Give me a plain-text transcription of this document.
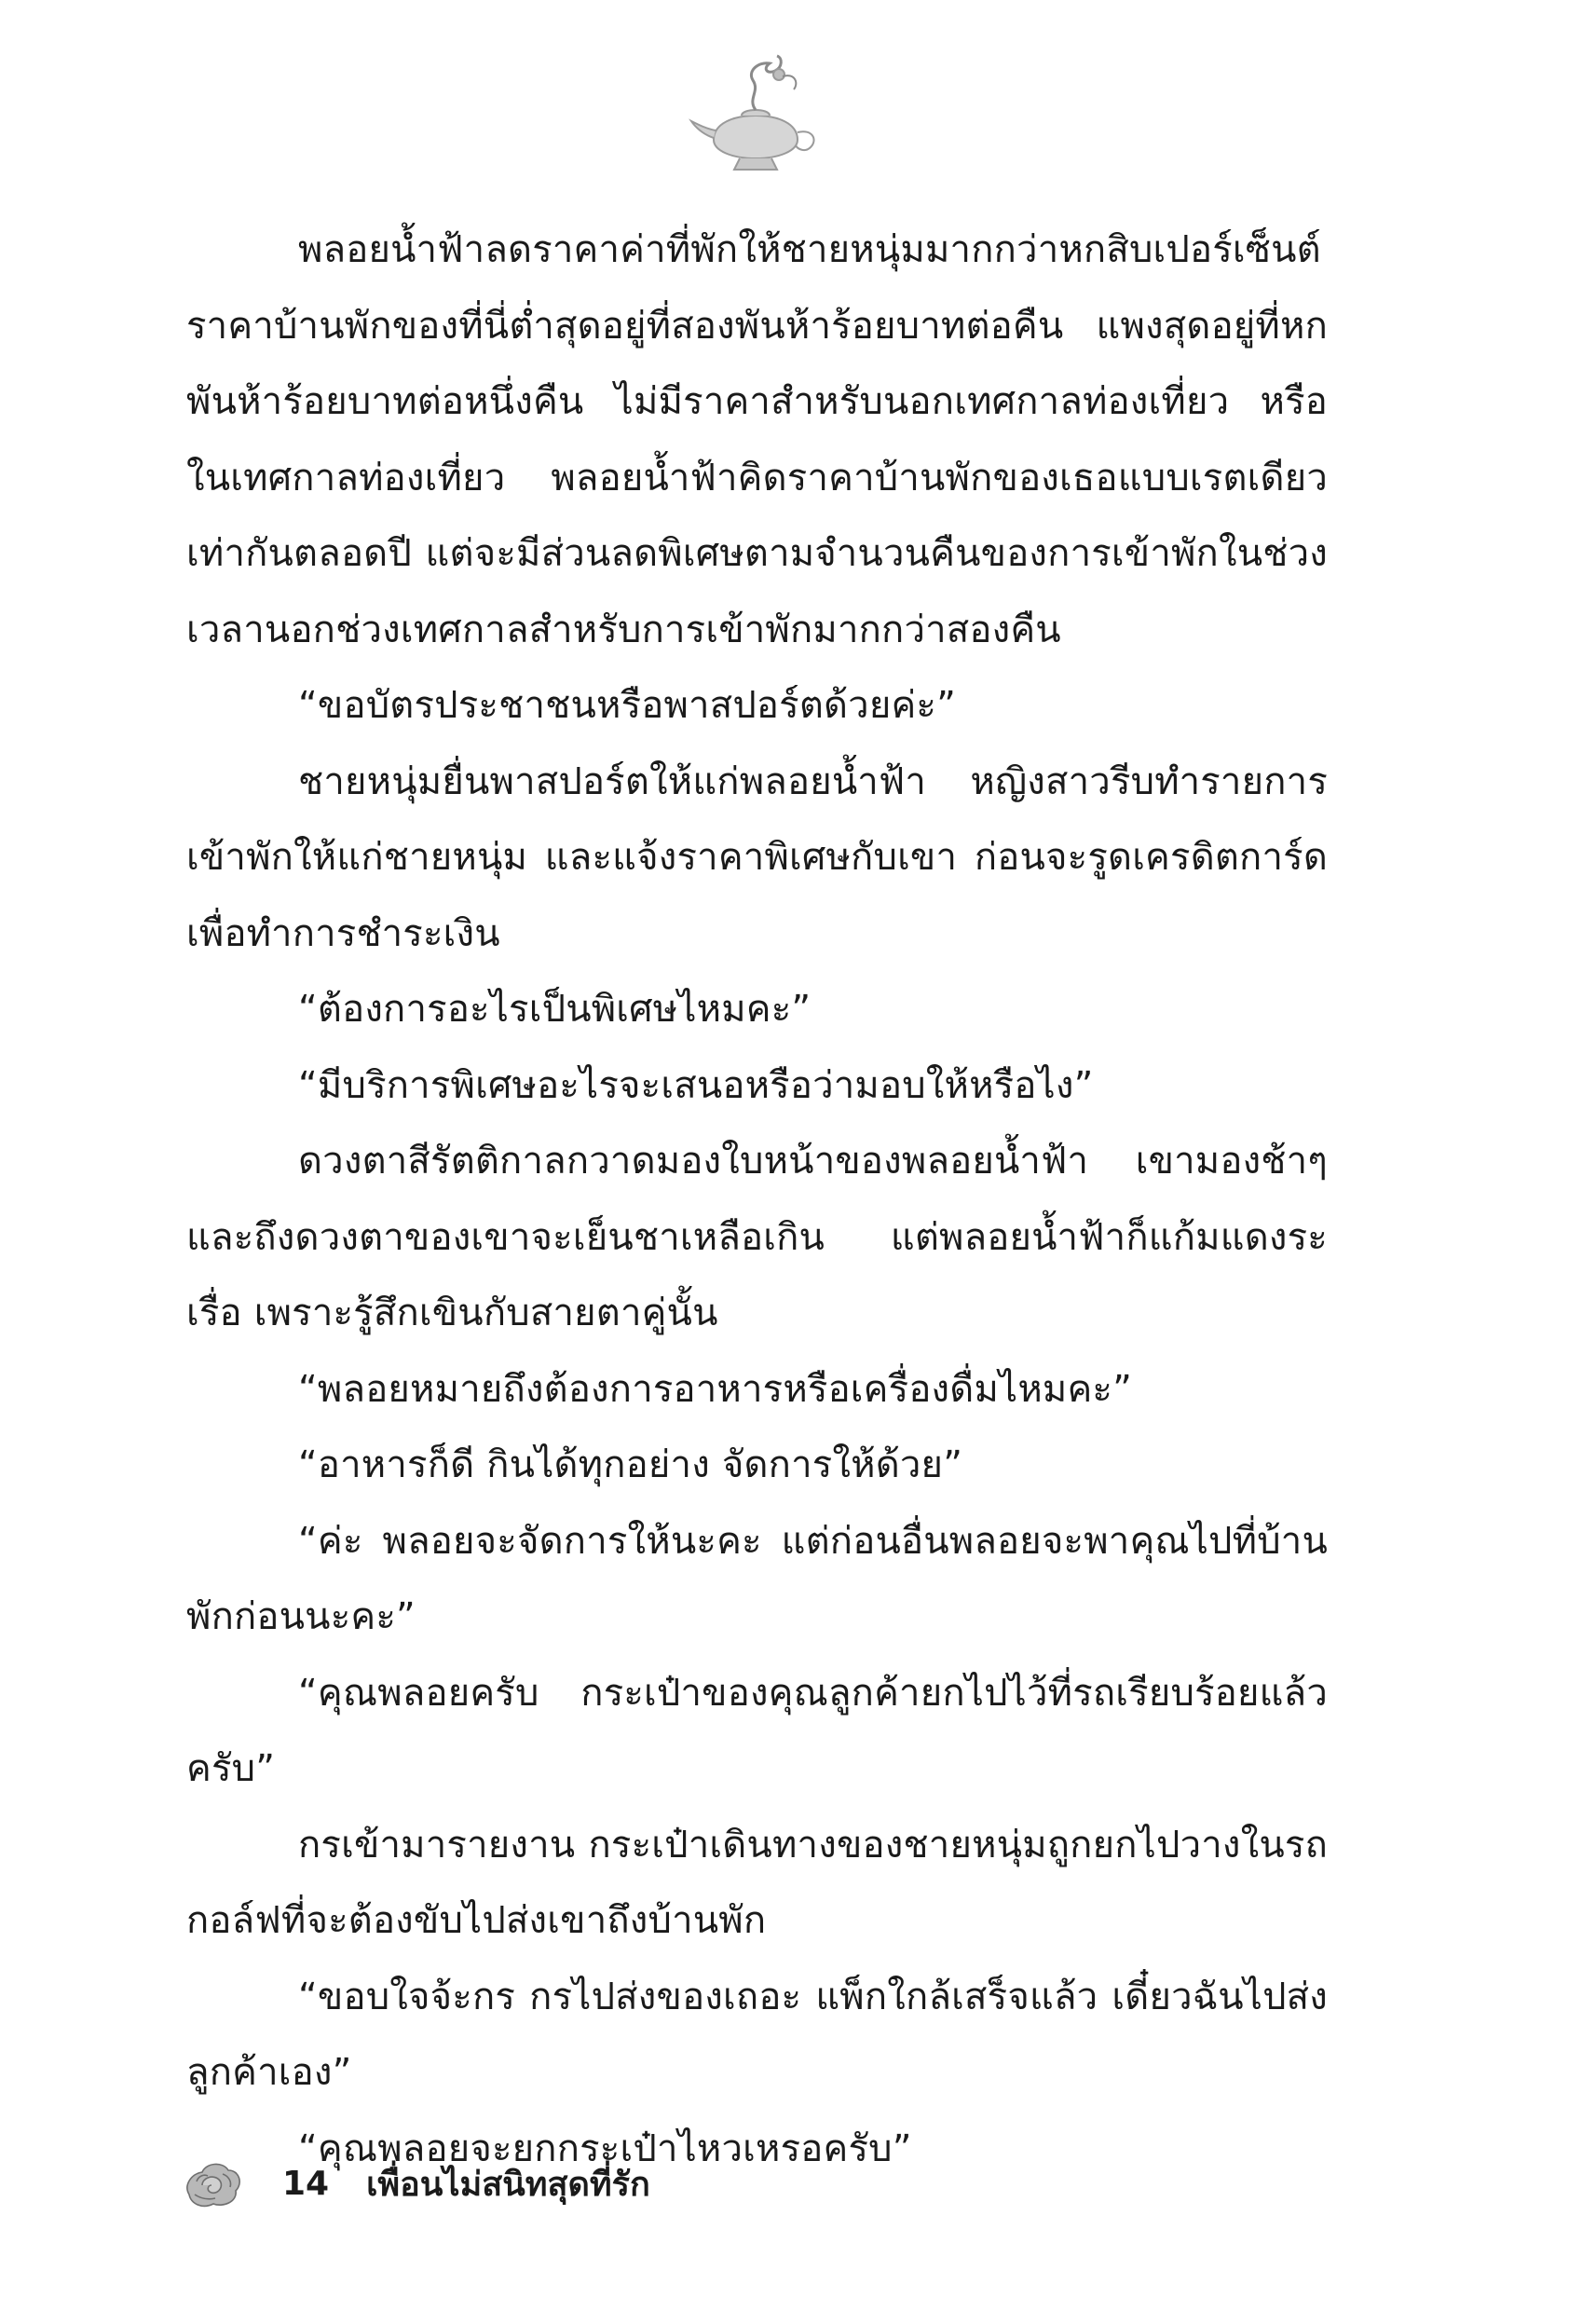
พลอยน้ำฟ้าลดราคาค่าที่พักให้ชายหนุ่มมากกว่าหกสิบเปอร์เซ็นต์ ราคาบ้านพักของที่นี่ต่ำสุดอยู่ที่สองพันห้าร้อยบาทต่อคืน แพงสุดอยู่ที่หกพันห้าร้อยบาทต่อหนึ่งคืน ไม่มีราคาสำหรับนอกเทศกาลท่องเที่ยว หรือในเทศกาลท่องเที่ยว พลอยน้ำฟ้าคิดราคาบ้านพักของเธอแบบเรตเดียวเท่ากันตลอดปี แต่จะมีส่วนลดพิเศษตามจำนวนคืนของการเข้าพักในช่วงเวลานอกช่วงเทศกาลสำหรับการเข้าพักมากกว่าสองคืน

“ขอบัตรประชาชนหรือพาสปอร์ตด้วยค่ะ”

ชายหนุ่มยื่นพาสปอร์ตให้แก่พลอยน้ำฟ้า หญิงสาวรีบทำรายการเข้าพักให้แก่ชายหนุ่ม และแจ้งราคาพิเศษกับเขา ก่อนจะรูดเครดิตการ์ดเพื่อทำการชำระเงิน

“ต้องการอะไรเป็นพิเศษไหมคะ”

“มีบริการพิเศษอะไรจะเสนอหรือว่ามอบให้หรือไง”

ดวงตาสีรัตติกาลกวาดมองใบหน้าของพลอยน้ำฟ้า เขามองช้าๆ และถึงดวงตาของเขาจะเย็นชาเหลือเกิน แต่พลอยน้ำฟ้าก็แก้มแดงระเรื่อ เพราะรู้สึกเขินกับสายตาคู่นั้น

“พลอยหมายถึงต้องการอาหารหรือเครื่องดื่มไหมคะ”

“อาหารก็ดี กินได้ทุกอย่าง จัดการให้ด้วย”

“ค่ะ พลอยจะจัดการให้นะคะ แต่ก่อนอื่นพลอยจะพาคุณไปที่บ้านพักก่อนนะคะ”

“คุณพลอยครับ กระเป๋าของคุณลูกค้ายกไปไว้ที่รถเรียบร้อยแล้วครับ”

กรเข้ามารายงาน กระเป๋าเดินทางของชายหนุ่มถูกยกไปวางในรถกอล์ฟที่จะต้องขับไปส่งเขาถึงบ้านพัก

“ขอบใจจ้ะกร กรไปส่งของเถอะ แพ็กใกล้เสร็จแล้ว เดี๋ยวฉันไปส่งลูกค้าเอง”

“คุณพลอยจะยกกระเป๋าไหวเหรอครับ”

14 เพื่อนไม่สนิทสุดที่รัก
